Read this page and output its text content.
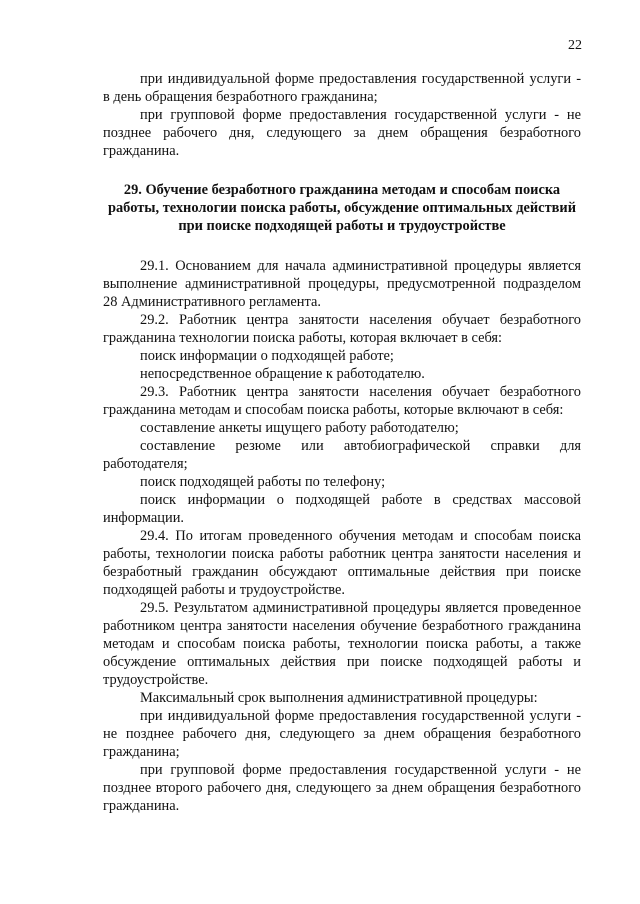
22

при индивидуальной форме предоставления государственной услуги - в день обращения безработного гражданина;

при групповой форме предоставления государственной услуги - не позднее рабочего дня, следующего за днем обращения безработного гражданина.

29. Обучение безработного гражданина методам и способам поиска работы, технологии поиска работы, обсуждение оптимальных действий при поиске подходящей работы и трудоустройстве

29.1. Основанием для начала административной процедуры является выполнение административной процедуры, предусмотренной подразделом 28 Административного регламента.

29.2. Работник центра занятости населения обучает безработного гражданина технологии поиска работы, которая включает в себя:

поиск информации о подходящей работе;

непосредственное обращение к работодателю.

29.3. Работник центра занятости населения обучает безработного гражданина методам и способам поиска работы, которые включают в себя:

составление анкеты ищущего работу работодателю;

составление резюме или автобиографической справки для работодателя;

поиск подходящей работы по телефону;

поиск информации о подходящей работе в средствах массовой информации.

29.4. По итогам проведенного обучения методам и способам поиска работы, технологии поиска работы работник центра занятости населения и безработный гражданин обсуждают оптимальные действия при поиске подходящей работы и трудоустройстве.

29.5. Результатом административной процедуры является проведенное работником центра занятости населения обучение безработного гражданина методам и способам поиска работы, технологии поиска работы, а также обсуждение оптимальных действия при поиске подходящей работы и трудоустройстве.

Максимальный срок выполнения административной процедуры:

при индивидуальной форме предоставления государственной услуги - не позднее рабочего дня, следующего за днем обращения безработного гражданина;

при групповой форме предоставления государственной услуги - не позднее второго рабочего дня, следующего за днем обращения безработного гражданина.
